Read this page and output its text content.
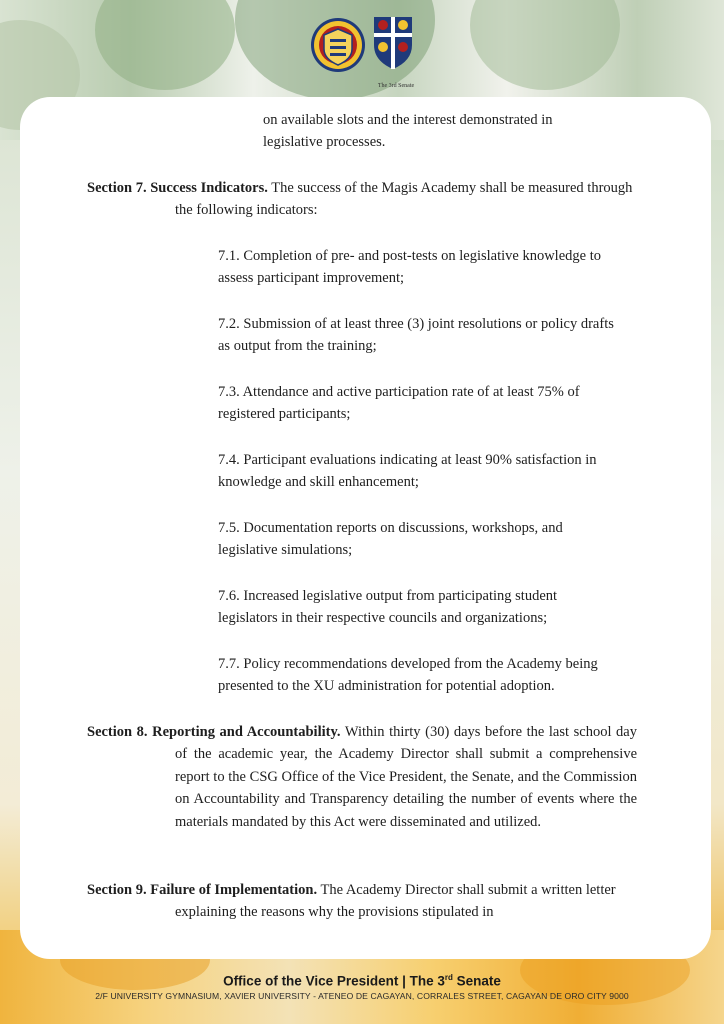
The 3rd Senate

on available slots and the interest demonstrated in legislative processes.

Section 7. Success Indicators. The success of the Magis Academy shall be measured through the following indicators:

7.1. Completion of pre- and post-tests on legislative knowledge to assess participant improvement;

7.2. Submission of at least three (3) joint resolutions or policy drafts as output from the training;

7.3. Attendance and active participation rate of at least 75% of registered participants;

7.4. Participant evaluations indicating at least 90% satisfaction in knowledge and skill enhancement;

7.5. Documentation reports on discussions, workshops, and legislative simulations;

7.6. Increased legislative output from participating student legislators in their respective councils and organizations;

7.7. Policy recommendations developed from the Academy being presented to the XU administration for potential adoption.

Section 8. Reporting and Accountability. Within thirty (30) days before the last school day of the academic year, the Academy Director shall submit a comprehensive report to the CSG Office of the Vice President, the Senate, and the Commission on Accountability and Transparency detailing the number of events where the materials mandated by this Act were disseminated and utilized.
Section 9. Failure of Implementation. The Academy Director shall submit a written letter explaining the reasons why the provisions stipulated in
Office of the Vice President | The 3rd Senate
2/F UNIVERSITY GYMNASIUM, XAVIER UNIVERSITY - ATENEO DE CAGAYAN, CORRALES STREET, CAGAYAN DE ORO CITY 9000
